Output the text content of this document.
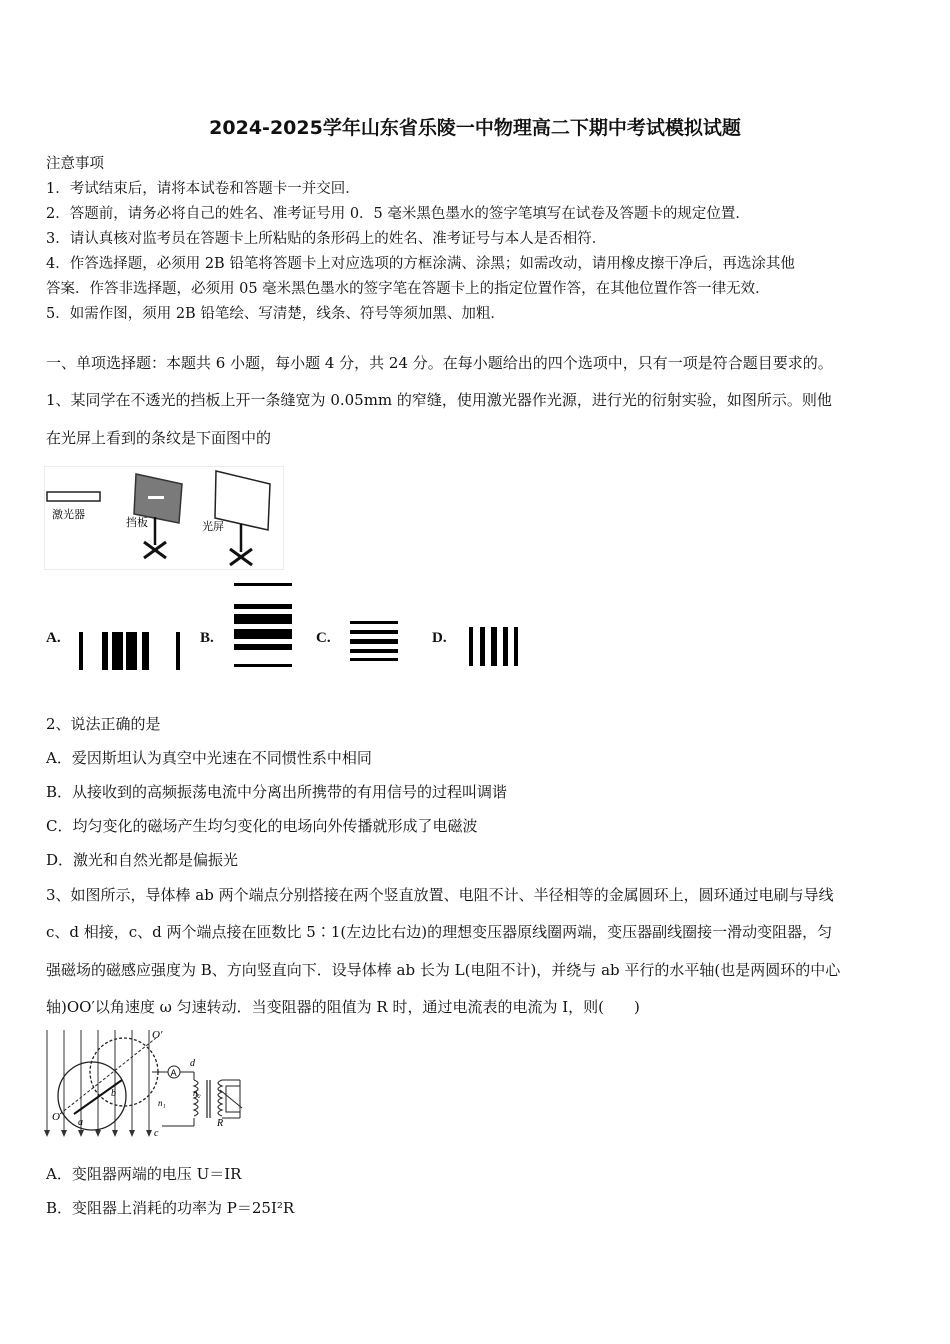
2024-2025学年山东省乐陵一中物理高二下期中考试模拟试题
注意事项
1．考试结束后，请将本试卷和答题卡一并交回．
2．答题前，请务必将自己的姓名、准考证号用 0．5 毫米黑色墨水的签字笔填写在试卷及答题卡的规定位置．
3．请认真核对监考员在答题卡上所粘贴的条形码上的姓名、准考证号与本人是否相符．
4．作答选择题，必须用 2B 铅笔将答题卡上对应选项的方框涂满、涂黑；如需改动，请用橡皮擦干净后，再选涂其他
答案．作答非选择题，必须用 05 毫米黑色墨水的签字笔在答题卡上的指定位置作答，在其他位置作答一律无效．
5．如需作图，须用 2B 铅笔绘、写清楚，线条、符号等须加黑、加粗．
一、单项选择题：本题共 6 小题，每小题 4 分，共 24 分。在每小题给出的四个选项中，只有一项是符合题目要求的。
1、某同学在不透光的挡板上开一条缝宽为 0.05mm 的窄缝，使用激光器作光源，进行光的衍射实验，如图所示。则他
在光屏上看到的条纹是下面图中的
激光器
挡板	光屏
A.	B.	C.	D.
2、说法正确的是
A．爱因斯坦认为真空中光速在不同惯性系中相同
B．从接收到的高频振荡电流中分离出所携带的有用信号的过程叫调谐
C．均匀变化的磁场产生均匀变化的电场向外传播就形成了电磁波
D．激光和自然光都是偏振光
3、如图所示，导体棒 ab 两个端点分别搭接在两个竖直放置、电阻不计、半径相等的金属圆环上，圆环通过电刷与导线
c、d 相接，c、d 两个端点接在匝数比 5∶1(左边比右边)的理想变压器原线圈两端，变压器副线圈接一滑动变阻器，匀
强磁场的磁感应强度为 B、方向竖直向下．设导体棒 ab 长为 L(电阻不计)，并绕与 ab 平行的水平轴(也是两圆环的中心
轴)OO′以角速度 ω 匀速转动．当变阻器的阻值为 R 时，通过电流表的电流为 I，则(　　)
O′
O a
b
A
d
c
n₁
n₂
R
A．变阻器两端的电压 U＝IR
B．变阻器上消耗的功率为 P＝25I²R
